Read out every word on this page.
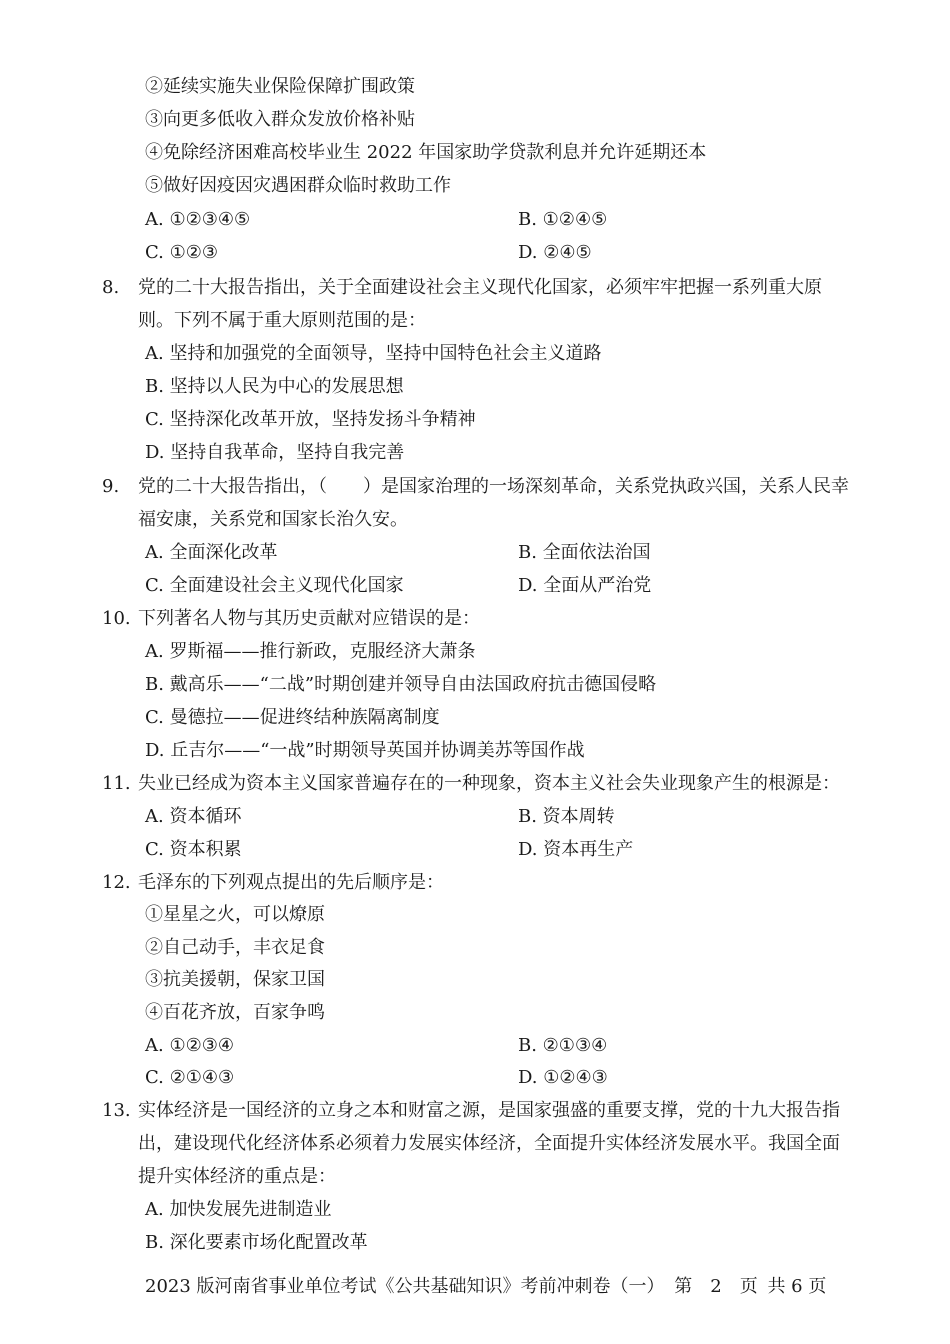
②延续实施失业保险保障扩围政策
③向更多低收入群众发放价格补贴
④免除经济困难高校毕业生 2022 年国家助学贷款利息并允许延期还本
⑤做好因疫因灾遇困群众临时救助工作
A. ①②③④⑤	B. ①②④⑤
C. ①②③	D. ②④⑤
8. 党的二十大报告指出，关于全面建设社会主义现代化国家，必须牢牢把握一系列重大原
则。下列不属于重大原则范围的是：
A. 坚持和加强党的全面领导，坚持中国特色社会主义道路
B. 坚持以人民为中心的发展思想
C. 坚持深化改革开放，坚持发扬斗争精神
D. 坚持自我革命，坚持自我完善
9. 党的二十大报告指出，（　　）是国家治理的一场深刻革命，关系党执政兴国，关系人民幸
福安康，关系党和国家长治久安。
A. 全面深化改革	B. 全面依法治国
C. 全面建设社会主义现代化国家	D. 全面从严治党
10. 下列著名人物与其历史贡献对应错误的是：
A. 罗斯福——推行新政，克服经济大萧条
B. 戴高乐——“二战”时期创建并领导自由法国政府抗击德国侵略
C. 曼德拉——促进终结种族隔离制度
D. 丘吉尔——“一战”时期领导英国并协调美苏等国作战
11. 失业已经成为资本主义国家普遍存在的一种现象，资本主义社会失业现象产生的根源是：
A. 资本循环	B. 资本周转
C. 资本积累	D. 资本再生产
12. 毛泽东的下列观点提出的先后顺序是：
①星星之火，可以燎原
②自己动手，丰衣足食
③抗美援朝，保家卫国
④百花齐放，百家争鸣
A. ①②③④	B. ②①③④
C. ②①④③	D. ①②④③
13. 实体经济是一国经济的立身之本和财富之源，是国家强盛的重要支撑，党的十九大报告指
出，建设现代化经济体系必须着力发展实体经济，全面提升实体经济发展水平。我国全面
提升实体经济的重点是：
A. 加快发展先进制造业
B. 深化要素市场化配置改革
2023 版河南省事业单位考试《公共基础知识》考前冲刺卷（一） 第　2　页 共 6 页
